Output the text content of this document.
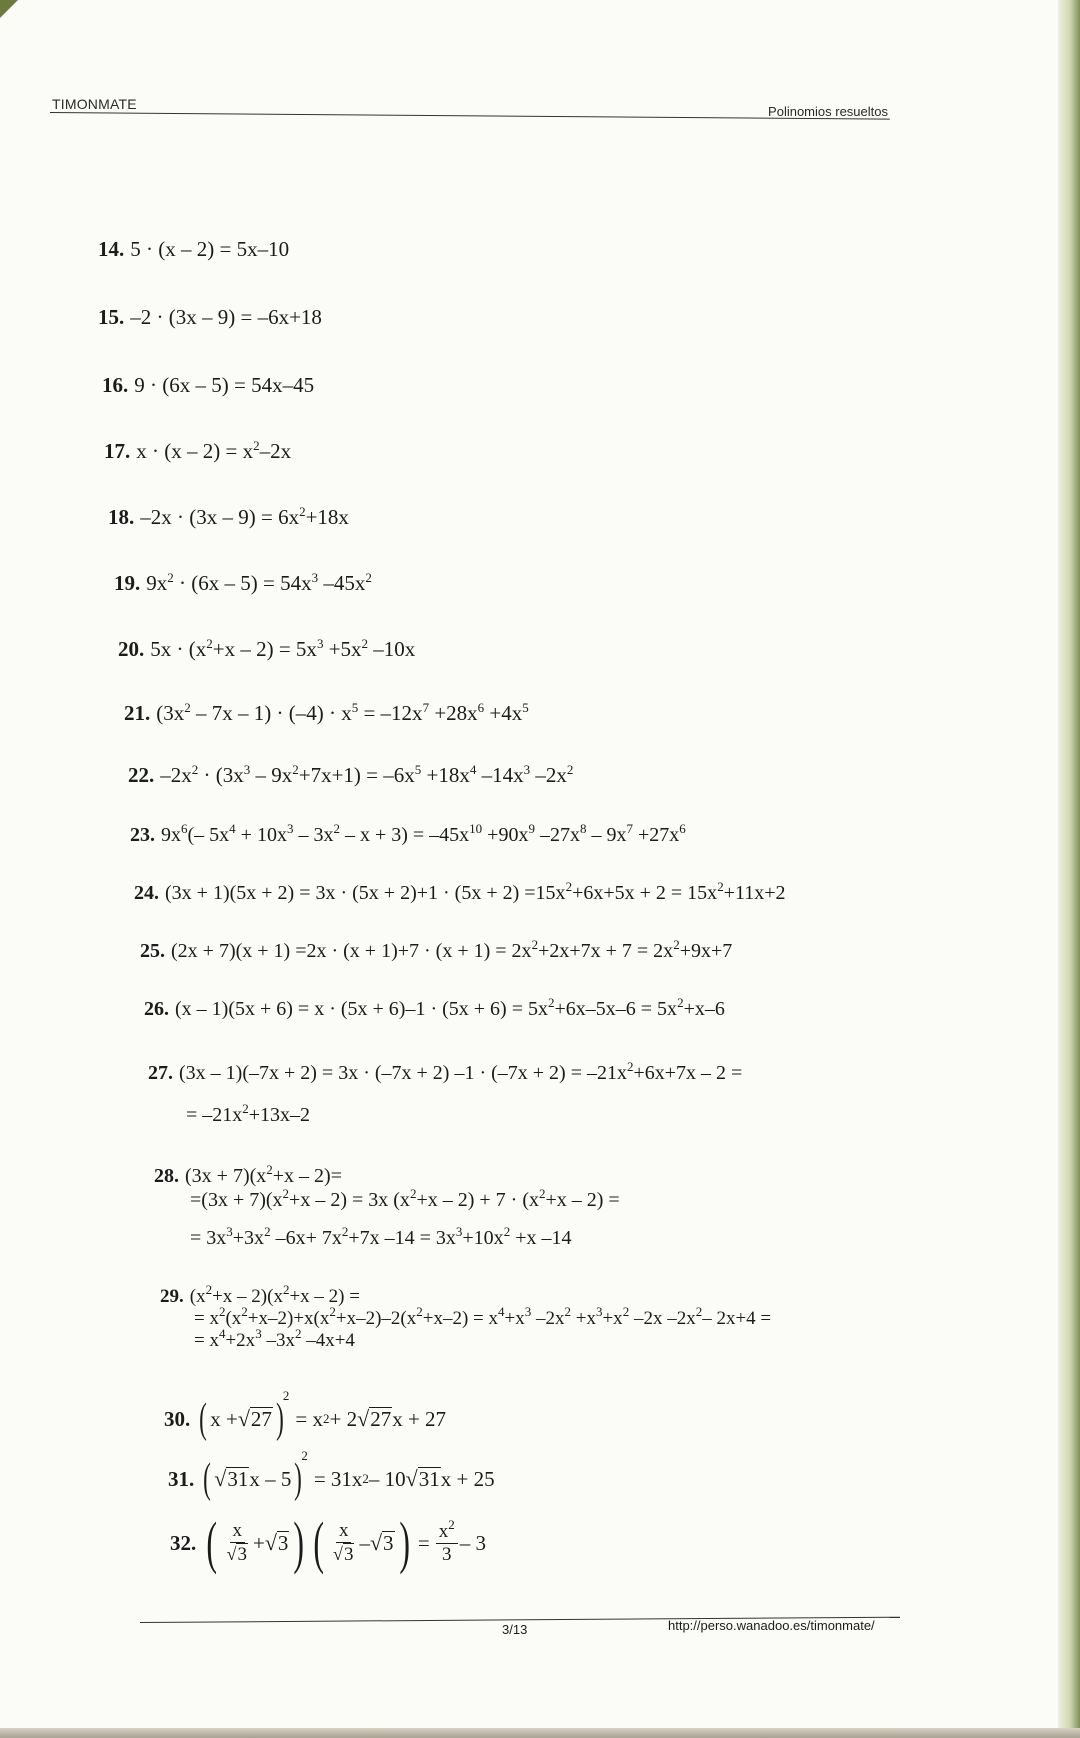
TIMONMATE	Polinomios resueltos
14. 5 · (x – 2) = 5x–10
15. –2 · (3x – 9) = –6x+18
16. 9 · (6x – 5) = 54x–45
17. $x \cdot (x - 2) = x^2-2x$
18. $-2x \cdot (3x - 9) = 6x^2+18x$
19. $9x^2 \cdot (6x - 5) = 54x^3$ $-45x^2$
20. $5x \cdot (x^2+x - 2) = 5x^3 +5x^2$ –10x
21. $(3x^2 - 7x - 1) \cdot (-4) \cdot x^5 = -12x^7 +28x^6 +4x^5$
22. $-2x^2 \cdot (3x^3 - 9x^2+7x+1) = -6x^5 +18x^4$ $-14x^3$ $-2x^2$
23. $9x^6(-$ $5x^4 + 10x^3 - 3x^2 - x + 3) = -45x^{10} +90x^9$ $-27x^8 - 9x^7 +27x^6$
24. $(3x + 1)(5x + 2) = 3x \cdot (5x + 2)+1 \cdot (5x + 2) =15x^2+6x+5x + 2 = 15x^2+11x+2$
25. $(2x + 7)(x + 1) =2x \cdot (x + 1)+7 \cdot (x + 1) = 2x^2+2x+7x + 7 = 2x^2+9x+7$
26. $(x - 1)(5x + 6) = x \cdot (5x + 6)-1 \cdot (5x + 6) = 5x^2+6x-5x-6 = 5x^2+x-6$
27. (3x – 1)(–7x + 2) = 3x · (–7x + 2) $-1 \cdot (-7x + 2) = -21x^2+6x+7x - 2$ =
= $-21x^2+13x-2$
28. $(3x + 7)(x^2+x - 2)=$
$=(3x + 7)(x^2+x - 2) = 3x$ $(x^2+x - 2) + 7 \cdot (x^2+x - 2)$ =
= $3x^3+3x^2$ $-6x+ 7x^2+7x$ $-14 = 3x^3+10x^2 +x$ –14
29. $(x^2+x - 2)(x^2+x - 2)$ =
= $x^2(x^2+x-2)+x(x^2+x-2)-2(x^2+x-2) = x^4+x^3$ $-2x^2 +x^3+x^2$ –2x $-2x^2-$ 2x+4 =
= $x^4+2x^3$ $-3x^2$ –4x+4
30. ( x + √ 27 )
2
= x 2 + 2 √ 27 x + 27
31. ( √ 31 x – 5 )
2
= 31x 2 – 10 √ 31 x + 25
32. ( $\frac{x}{√ 3}$ + √ 3 ) ( $\frac{x}{√ 3}$ – √ 3 ) = $\frac{x^2}{3} - 3$
3/13	http://perso.wanadoo.es/timonmate/
